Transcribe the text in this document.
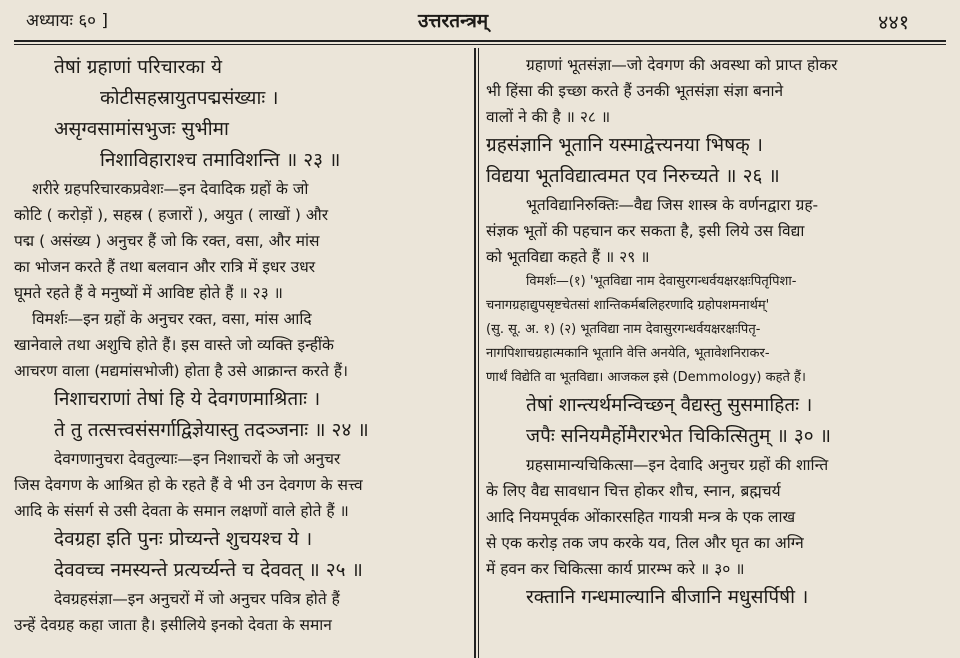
अध्यायः ६० ]	उत्तरतन्त्रम्	४४१

तेषां ग्रहाणां परिचारका ये

कोटीसहस्रायुतपद्मसंख्याः ।

असृग्वसामांसभुजः सुभीमा

निशाविहाराश्च तमाविशन्ति ॥ २३ ॥

शरीरे ग्रहपरिचारकप्रवेशः—इन देवादिक ग्रहों के जो

कोटि ( करोड़ों ), सहस्र ( हजारों ), अयुत ( लाखों ) और

पद्म ( असंख्य ) अनुचर हैं जो कि रक्त, वसा, और मांस

का भोजन करते हैं तथा बलवान और रात्रि में इधर उधर

घूमते रहते हैं वे मनुष्यों में आविष्ट होते हैं ॥ २३ ॥

विमर्शः—इन ग्रहों के अनुचर रक्त, वसा, मांस आदि

खानेवाले तथा अशुचि होते हैं। इस वास्ते जो व्यक्ति इन्हींके

आचरण वाला (मद्यमांसभोजी) होता है उसे आक्रान्त करते हैं।

निशाचराणां तेषां हि ये देवगणमाश्रिताः ।

ते तु तत्सत्त्वसंसर्गाद्विज्ञेयास्तु तदञ्जनाः ॥ २४ ॥

देवगणानुचरा देवतुल्याः—इन निशाचरों के जो अनुचर

जिस देवगण के आश्रित हो के रहते हैं वे भी उन देवगण के सत्त्व

आदि के संसर्ग से उसी देवता के समान लक्षणों वाले होते हैं ॥

देवग्रहा इति पुनः प्रोच्यन्ते शुचयश्च ये ।

देववच्च नमस्यन्ते प्रत्यर्च्यन्ते च देववत् ॥ २५ ॥

देवग्रहसंज्ञा—इन अनुचरों में जो अनुचर पवित्र होते हैं

उन्हें देवग्रह कहा जाता है। इसीलिये इनको देवता के समान

ग्रहाणां भूतसंज्ञा—जो देवगण की अवस्था को प्राप्त होकर

भी हिंसा की इच्छा करते हैं उनकी भूतसंज्ञा संज्ञा बनाने

वालों ने की है ॥ २८ ॥

ग्रहसंज्ञानि भूतानि यस्माद्वेत्त्यनया भिषक् ।

विद्यया भूतविद्यात्वमत एव निरुच्यते ॥ २६ ॥

भूतविद्यानिरुक्तिः—वैद्य जिस शास्त्र के वर्णनद्वारा ग्रह-

संज्ञक भूतों की पहचान कर सकता है, इसी लिये उस विद्या

को भूतविद्या कहते हैं ॥ २९ ॥

विमर्शः—(१) 'भूतविद्या नाम देवासुरगन्धर्वयक्षरक्षःपितृपिशा-

चनागग्रहाद्युपसृष्टचेतसां शान्तिकर्मबलिहरणादि ग्रहोपशमनार्थम्'

(सु. सू. अ. १) (२) भूतविद्या नाम देवासुरगन्धर्वयक्षरक्षःपितृ-

नागपिशाचग्रहात्मकानि भूतानि वेत्ति अनयेति, भूतावेशनिराकर-

णार्थं विद्येति वा भूतविद्या। आजकल इसे (Demmology) कहते हैं।

तेषां शान्त्यर्थमन्विच्छन् वैद्यस्तु सुसमाहितः ।

जपैः सनियमैर्होमैरारभेत चिकित्सितुम् ॥ ३० ॥

ग्रहसामान्यचिकित्सा—इन देवादि अनुचर ग्रहों की शान्ति

के लिए वैद्य सावधान चित्त होकर शौच, स्नान, ब्रह्मचर्य

आदि नियमपूर्वक ओंकारसहित गायत्री मन्त्र के एक लाख

से एक करोड़ तक जप करके यव, तिल और घृत का अग्नि

में हवन कर चिकित्सा कार्य प्रारम्भ करे ॥ ३० ॥

रक्तानि गन्धमाल्यानि बीजानि मधुसर्पिषी ।
